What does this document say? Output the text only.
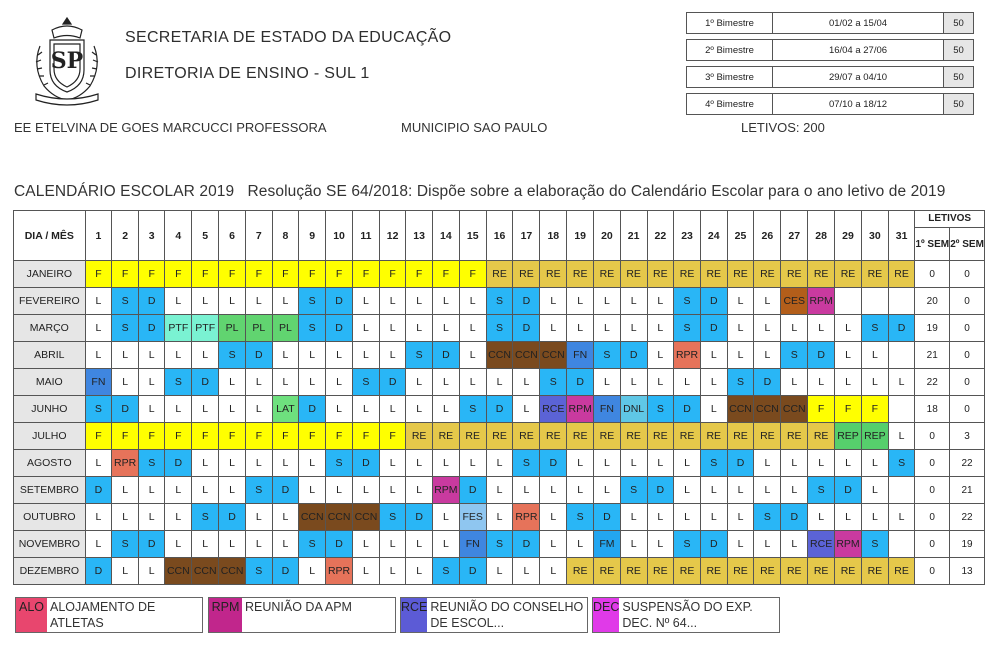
SP
SECRETARIA DE ESTADO DA EDUCAÇÃO
DIRETORIA DE ENSINO - SUL 1
1º Bimestre	01/02 a 15/04	50
2º Bimestre	16/04 a 27/06	50
3º Bimestre	29/07 a 04/10	50
4º Bimestre	07/10 a 18/12	50
EE ETELVINA DE GOES MARCUCCI PROFESSORA	MUNICIPIO SAO PAULO	LETIVOS: 200
CALENDÁRIO ESCOLAR 2019 Resolução SE 64/2018: Dispõe sobre a elaboração do Calendário Escolar para o ano letivo de 2019
DIA / MÊS	1	2	3	4	5	6	7	8	9	10	11	12	13	14	15	16	17	18	19	20	21	22	23	24	25	26	27	28	29	30	31	LETIVOS
1º SEM 2º SEM	

JANEIRO	F	F	F	F	F	F	F	F	F	F	F	F	F	F	F	RE	RE	RE	RE	RE	RE	RE	RE	RE	RE	RE	RE	RE	RE	RE	RE	0	0
FEVEREIRO	L	S	D	L	L	L	L	L	S	D	L	L	L	L	L	S	D	L	L	L	L	L	S	D	L	L	CES	RPM				20	0
MARÇO	L	S	D	PTF	PTF	PL	PL	PL	S	D	L	L	L	L	L	S	D	L	L	L	L	L	S	D	L	L	L	L	L	S	D	19	0
ABRIL	L	L	L	L	L	S	D	L	L	L	L	L	S	D	L	CCN	CCN	CCN	FN	S	D	L	RPR	L	L	L	S	D	L	L		21	0
MAIO	FN	L	L	S	D	L	L	L	L	L	S	D	L	L	L	L	L	S	D	L	L	L	L	L	S	D	L	L	L	L	L	22	0
JUNHO	S	D	L	L	L	L	L	LAT	D	L	L	L	L	L	S	D	L	RCE	RPM	FN	DNL	S	D	L	CCN	CCN	CCN	F	F	F		18	0
JULHO	F	F	F	F	F	F	F	F	F	F	F	F	RE	RE	RE	RE	RE	RE	RE	RE	RE	RE	RE	RE	RE	RE	RE	RE	REP	REP	L	0	3
AGOSTO	L	RPR	S	D	L	L	L	L	L	S	D	L	L	L	L	L	S	D	L	L	L	L	L	S	D	L	L	L	L	L	S	0	22
SETEMBRO	D	L	L	L	L	L	S	D	L	L	L	L	L	RPM	D	L	L	L	L	L	S	D	L	L	L	L	L	S	D	L		0	21
OUTUBRO	L	L	L	L	S	D	L	L	CCN	CCN	CCN	S	D	L	FES	L	RPR	L	S	D	L	L	L	L	L	S	D	L	L	L	L	0	22
NOVEMBRO	L	S	D	L	L	L	L	L	S	D	L	L	L	L	FN	S	D	L	L	FM	L	L	S	D	L	L	L	RCE	RPM	S		0	19
DEZEMBRO	D	L	L	CCN	CCN	CCN	S	D	L	RPR	L	L	L	S	D	L	L	L	RE	RE	RE	RE	RE	RE	RE	RE	RE	RE	RE	RE	RE	0	13
ALO ALOJAMENTO DE ATLETAS
RPM REUNIÃO DA APM	RCE REUNIÃO DO CONSELHO DE ESCOL...
DEC SUSPENSÃO DO EXP. DEC. Nº 64...
